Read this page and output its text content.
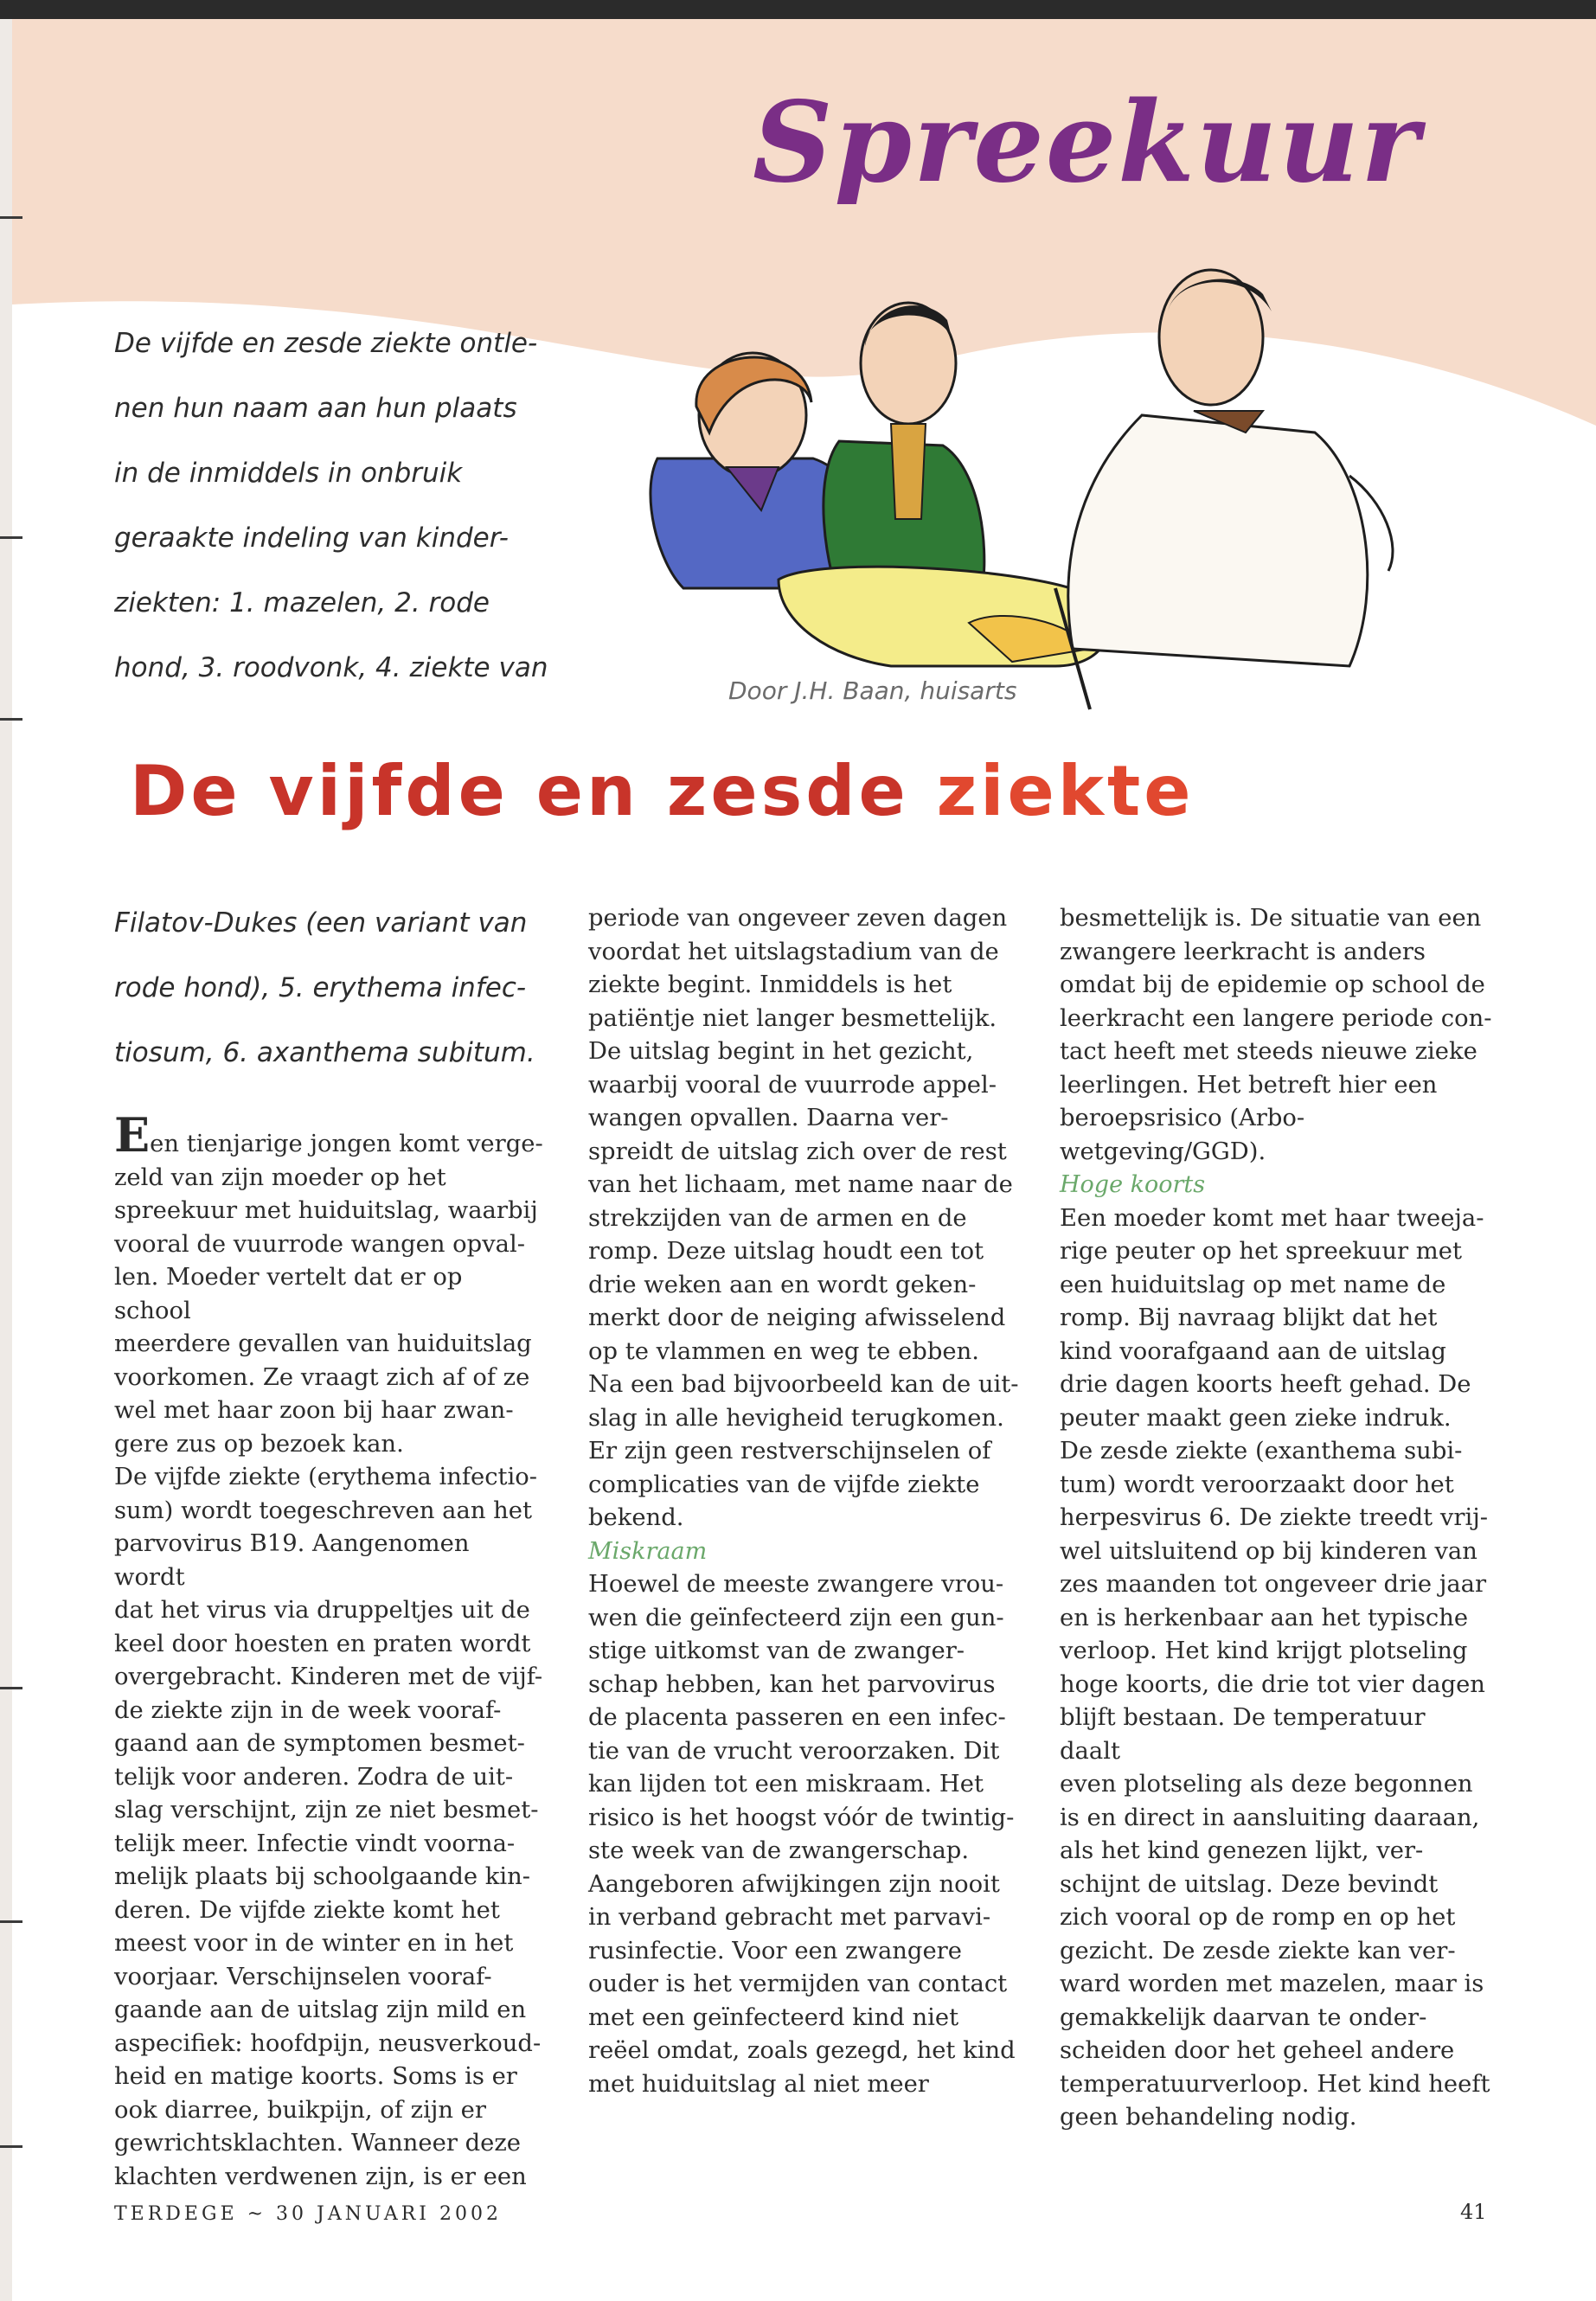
Spreekuur

De vijfde en zesde ziekte ontle-

nen hun naam aan hun plaats

in de inmiddels in onbruik

geraakte indeling van kinder-

ziekten: 1. mazelen, 2. rode

hond, 3. roodvonk, 4. ziekte van

Door J.H. Baan, huisarts
De vijfde en zesde ziekte

Filatov-Dukes (een variant van

rode hond), 5. erythema infec-

tiosum, 6. axanthema subitum.

Een tienjarige jongen komt verge-

zeld van zijn moeder op het

spreekuur met huiduitslag, waarbij

vooral de vuurrode wangen opval-

len. Moeder vertelt dat er op school

meerdere gevallen van huiduitslag

voorkomen. Ze vraagt zich af of ze

wel met haar zoon bij haar zwan-

gere zus op bezoek kan.

De vijfde ziekte (erythema infectio-

sum) wordt toegeschreven aan het

parvovirus B19. Aangenomen wordt

dat het virus via druppeltjes uit de

keel door hoesten en praten wordt

overgebracht. Kinderen met de vijf-

de ziekte zijn in de week vooraf-

gaand aan de symptomen besmet-

telijk voor anderen. Zodra de uit-

slag verschijnt, zijn ze niet besmet-

telijk meer. Infectie vindt voorna-

melijk plaats bij schoolgaande kin-

deren. De vijfde ziekte komt het

meest voor in de winter en in het

voorjaar. Verschijnselen vooraf-

gaande aan de uitslag zijn mild en

aspecifiek: hoofdpijn, neusverkoud-

heid en matige koorts. Soms is er

ook diarree, buikpijn, of zijn er

gewrichtsklachten. Wanneer deze

klachten verdwenen zijn, is er een

periode van ongeveer zeven dagen

voordat het uitslagstadium van de

ziekte begint. Inmiddels is het

patiëntje niet langer besmettelijk.

De uitslag begint in het gezicht,

waarbij vooral de vuurrode appel-

wangen opvallen. Daarna ver-

spreidt de uitslag zich over de rest

van het lichaam, met name naar de

strekzijden van de armen en de

romp. Deze uitslag houdt een tot

drie weken aan en wordt geken-

merkt door de neiging afwisselend

op te vlammen en weg te ebben.

Na een bad bijvoorbeeld kan de uit-

slag in alle hevigheid terugkomen.

Er zijn geen restverschijnselen of

complicaties van de vijfde ziekte

bekend.

Miskraam

Hoewel de meeste zwangere vrou-

wen die geïnfecteerd zijn een gun-

stige uitkomst van de zwanger-

schap hebben, kan het parvovirus

de placenta passeren en een infec-

tie van de vrucht veroorzaken. Dit

kan lijden tot een miskraam. Het

risico is het hoogst vóór de twintig-

ste week van de zwangerschap.

Aangeboren afwijkingen zijn nooit

in verband gebracht met parvavi-

rusinfectie. Voor een zwangere

ouder is het vermijden van contact

met een geïnfecteerd kind niet

reëel omdat, zoals gezegd, het kind

met huiduitslag al niet meer

besmettelijk is. De situatie van een

zwangere leerkracht is anders

omdat bij de epidemie op school de

leerkracht een langere periode con-

tact heeft met steeds nieuwe zieke

leerlingen. Het betreft hier een

beroepsrisico (Arbo-

wetgeving/GGD).

Hoge koorts

Een moeder komt met haar tweeja-

rige peuter op het spreekuur met

een huiduitslag op met name de

romp. Bij navraag blijkt dat het

kind voorafgaand aan de uitslag

drie dagen koorts heeft gehad. De

peuter maakt geen zieke indruk.

De zesde ziekte (exanthema subi-

tum) wordt veroorzaakt door het

herpesvirus 6. De ziekte treedt vrij-

wel uitsluitend op bij kinderen van

zes maanden tot ongeveer drie jaar

en is herkenbaar aan het typische

verloop. Het kind krijgt plotseling

hoge koorts, die drie tot vier dagen

blijft bestaan. De temperatuur daalt

even plotseling als deze begonnen

is en direct in aansluiting daaraan,

als het kind genezen lijkt, ver-

schijnt de uitslag. Deze bevindt

zich vooral op de romp en op het

gezicht. De zesde ziekte kan ver-

ward worden met mazelen, maar is

gemakkelijk daarvan te onder-

scheiden door het geheel andere

temperatuurverloop. Het kind heeft

geen behandeling nodig.

TERDEGE ~ 30 JANUARI 2002	41
